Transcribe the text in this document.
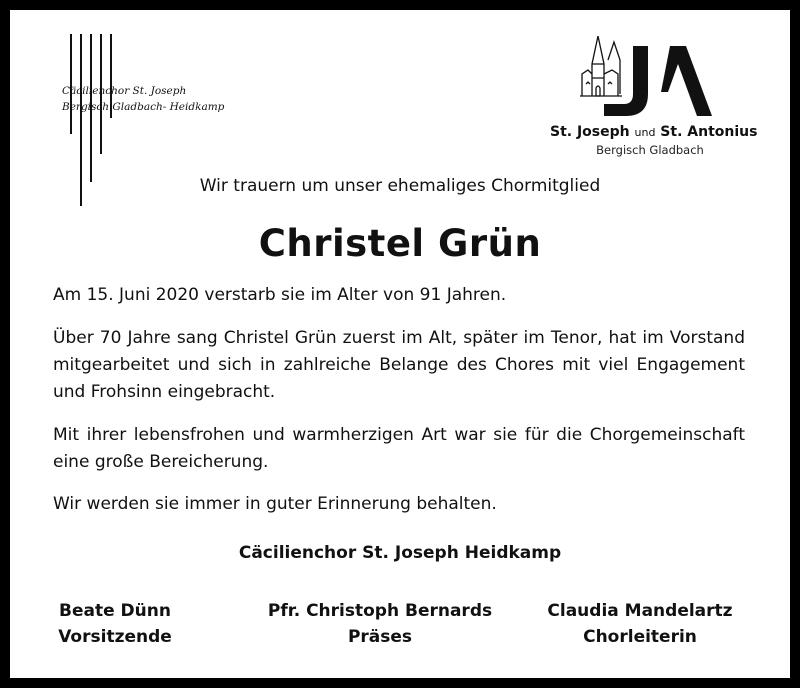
Cäcilienchor St. Joseph
Bergisch Gladbach- Heidkamp
St. Joseph und St. Antonius
Bergisch Gladbach
Wir trauern um unser ehemaliges Chormitglied
Christel Grün
Am 15. Juni 2020 verstarb sie im Alter von 91 Jahren.
Über 70 Jahre sang Christel Grün zuerst im Alt, später im Tenor, hat im Vorstand mitgearbeitet und sich in zahlreiche Belange des Chores mit viel Engagement und Frohsinn eingebracht.
Mit ihrer lebensfrohen und warmherzigen Art war sie für die Chorgemeinschaft eine große Bereicherung.
Wir werden sie immer in guter Erinnerung behalten.
Cäcilienchor St. Joseph Heidkamp
Beate Dünn
Vorsitzende
Pfr. Christoph Bernards
Präses
Claudia Mandelartz
Chorleiterin
